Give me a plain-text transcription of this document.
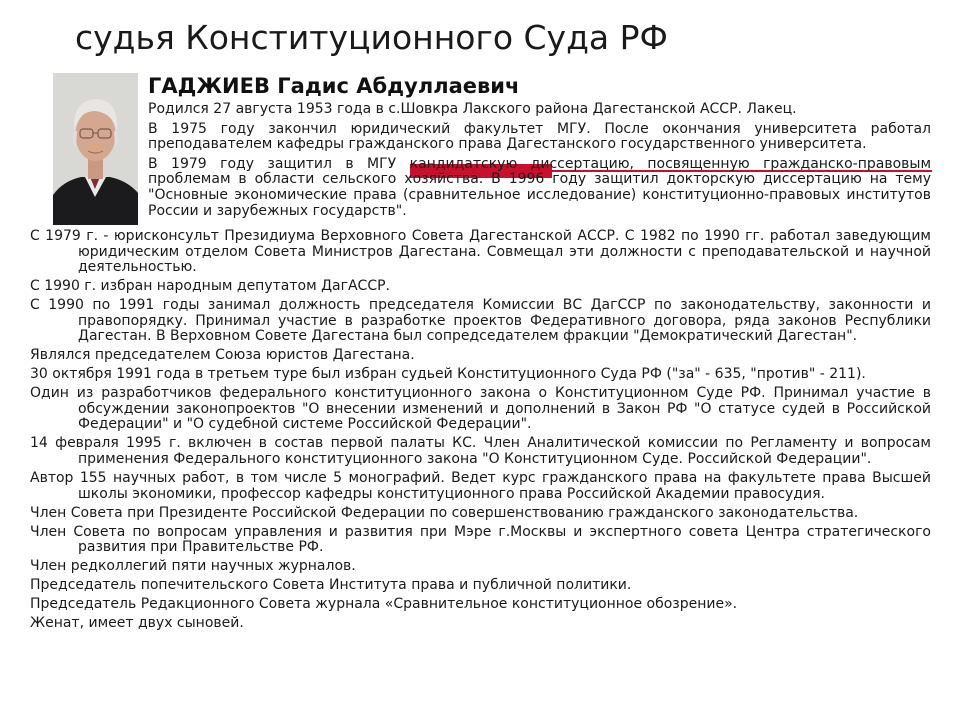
судья Конституционного Суда РФ
ГАДЖИЕВ Гадис Абдуллаевич
Родился 27 августа 1953 года в с.Шовкра Лакского района Дагестанской АССР. Лакец.
В 1975 году закончил юридический факультет МГУ. После окончания университета работал преподавателем кафедры гражданского права Дагестанского государственного университета.
В 1979 году защитил в МГУ кандидатскую диссертацию, посвященную гражданско-правовым проблемам в области сельского хозяйства. В 1996 году защитил докторскую диссертацию на тему "Основные экономические права (сравнительное исследование) конституционно-правовых институтов России и зарубежных государств".
С 1979 г. - юрисконсульт Президиума Верховного Совета Дагестанской АССР. С 1982 по 1990 гг. работал заведующим юридическим отделом Совета Министров Дагестана. Совмещал эти должности с преподавательской и научной деятельностью.
С 1990 г. избран народным депутатом ДагАССР.
С 1990 по 1991 годы занимал должность председателя Комиссии ВС ДагССР по законодательству, законности и правопорядку. Принимал участие в разработке проектов Федеративного договора, ряда законов Республики Дагестан. В Верховном Совете Дагестана был сопредседателем фракции "Демократический Дагестан".
Являлся председателем Союза юристов Дагестана.
30 октября 1991 года в третьем туре был избран судьей Конституционного Суда РФ ("за" - 635, "против" - 211).
Один из разработчиков федерального конституционного закона о Конституционном Суде РФ. Принимал участие в обсуждении законопроектов "О внесении изменений и дополнений в Закон РФ "О статусе судей в Российской Федерации" и "О судебной системе Российской Федерации".
14 февраля 1995 г. включен в состав первой палаты КС. Член Аналитической комиссии по Регламенту и вопросам применения Федерального конституционного закона "О Конституционном Суде. Российской Федерации".
Автор 155 научных работ, в том числе 5 монографий. Ведет курс гражданского права на факультете права Высшей школы экономики, профессор кафедры конституционного права Российской Академии правосудия.
Член Совета при Президенте Российской Федерации по совершенствованию гражданского законодательства.
Член Совета по вопросам управления и развития при Мэре г.Москвы и экспертного совета Центра стратегического развития при Правительстве РФ.
Член редколлегий пяти научных журналов.
Председатель попечительского Совета Института права и публичной политики.
Председатель Редакционного Совета журнала «Сравнительное конституционное обозрение».
Женат, имеет двух сыновей.
